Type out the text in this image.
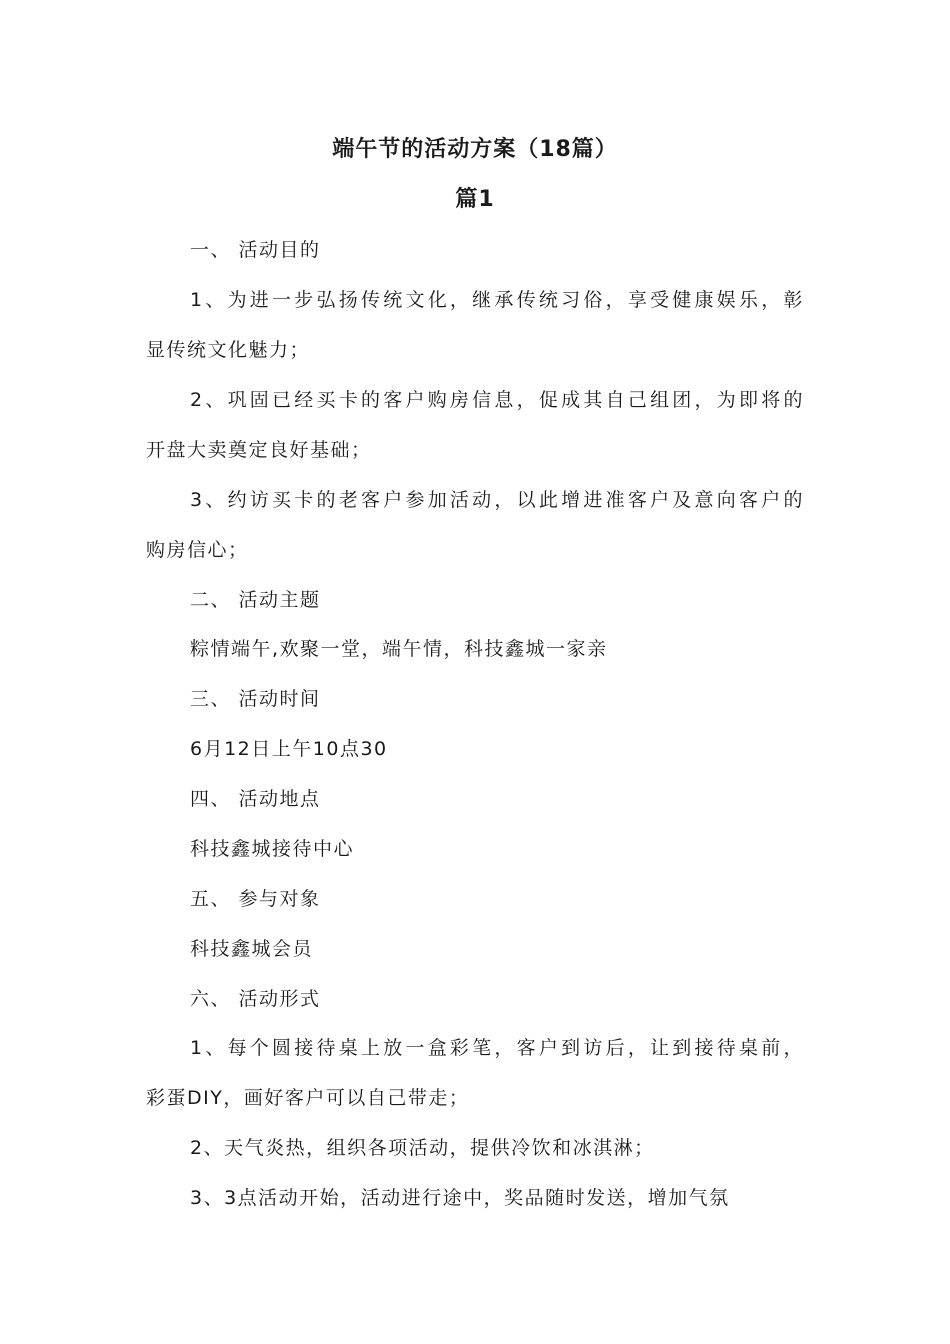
端午节的活动方案（18篇）
篇1
一、 活动目的
1、为进一步弘扬传统文化，继承传统习俗，享受健康娱乐，彰
显传统文化魅力；
2、巩固已经买卡的客户购房信息，促成其自己组团，为即将的
开盘大卖奠定良好基础；
3、约访买卡的老客户参加活动，以此增进准客户及意向客户的
购房信心；
二、 活动主题
粽情端午,欢聚一堂，端午情，科技鑫城一家亲
三、 活动时间
6月12日上午10点30
四、 活动地点
科技鑫城接待中心
五、 参与对象
科技鑫城会员
六、 活动形式
1、每个圆接待桌上放一盒彩笔，客户到访后，让到接待桌前，
彩蛋DIY，画好客户可以自己带走；
2、天气炎热，组织各项活动，提供冷饮和冰淇淋；
3、3点活动开始，活动进行途中，奖品随时发送，增加气氛
